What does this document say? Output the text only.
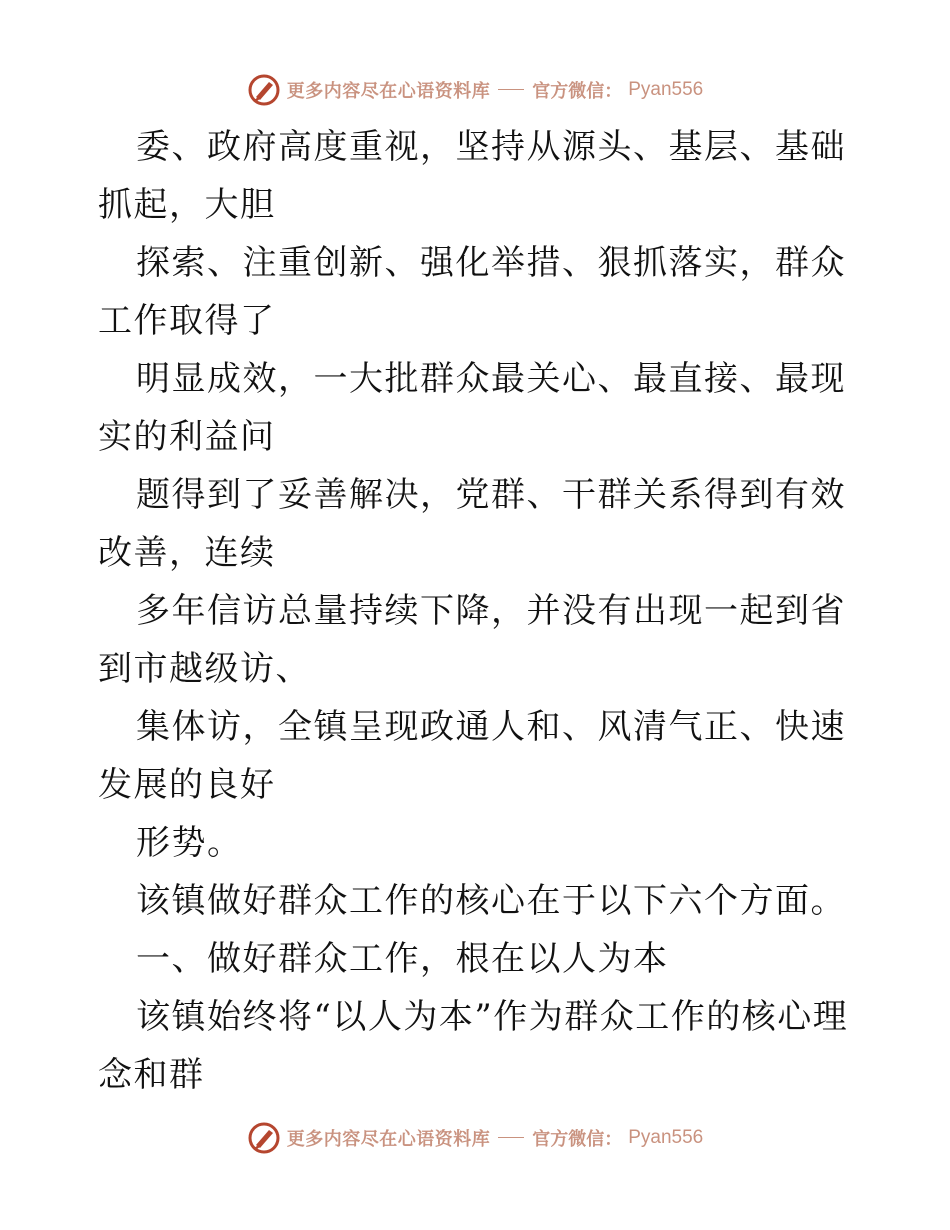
更多内容尽在心语资料库 官方微信： Pyan556

委、政府高度重视，坚持从源头、基层、基础抓起，大胆

探索、注重创新、强化举措、狠抓落实，群众工作取得了

明显成效，一大批群众最关心、最直接、最现实的利益问

题得到了妥善解决，党群、干群关系得到有效改善，连续

多年信访总量持续下降，并没有出现一起到省到市越级访、

集体访，全镇呈现政通人和、风清气正、快速发展的良好

形势。

该镇做好群众工作的核心在于以下六个方面。

一、做好群众工作，根在以人为本

该镇始终将“以人为本”作为群众工作的核心理念和群

更多内容尽在心语资料库 官方微信： Pyan556
